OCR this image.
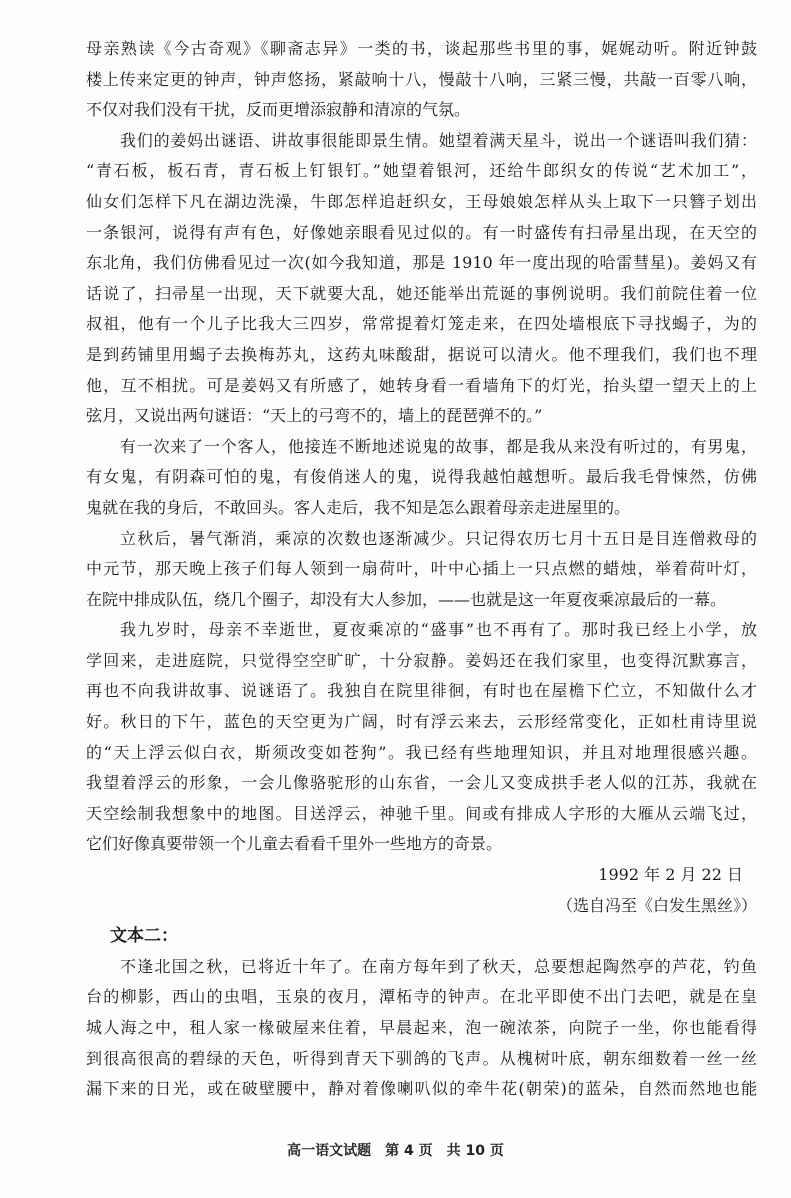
母亲熟读《今古奇观》《聊斋志异》一类的书，谈起那些书里的事，娓娓动听。附近钟鼓
楼上传来定更的钟声，钟声悠扬，紧敲响十八，慢敲十八响，三紧三慢，共敲一百零八响，
不仅对我们没有干扰，反而更增添寂静和清凉的气氛。
我们的姜妈出谜语、讲故事很能即景生情。她望着满天星斗，说出一个谜语叫我们猜：
“青石板，板石青，青石板上钉银钉。”她望着银河，还给牛郎织女的传说“艺术加工”，
仙女们怎样下凡在湖边洗澡，牛郎怎样追赶织女，王母娘娘怎样从头上取下一只簪子划出
一条银河，说得有声有色，好像她亲眼看见过似的。有一时盛传有扫帚星出现，在天空的
东北角，我们仿佛看见过一次(如今我知道，那是 1910 年一度出现的哈雷彗星)。姜妈又有
话说了，扫帚星一出现，天下就要大乱，她还能举出荒诞的事例说明。我们前院住着一位
叔祖，他有一个儿子比我大三四岁，常常提着灯笼走来，在四处墙根底下寻找蝎子，为的
是到药铺里用蝎子去换梅苏丸，这药丸味酸甜，据说可以清火。他不理我们，我们也不理
他，互不相扰。可是姜妈又有所感了，她转身看一看墙角下的灯光，抬头望一望天上的上
弦月，又说出两句谜语：“天上的弓弯不的，墙上的琵琶弹不的。”
有一次来了一个客人，他接连不断地述说鬼的故事，都是我从来没有听过的，有男鬼，
有女鬼，有阴森可怕的鬼，有俊俏迷人的鬼，说得我越怕越想听。最后我毛骨悚然，仿佛
鬼就在我的身后，不敢回头。客人走后，我不知是怎么跟着母亲走进屋里的。
立秋后，暑气渐消，乘凉的次数也逐渐减少。只记得农历七月十五日是目连僧救母的
中元节，那天晚上孩子们每人领到一扇荷叶，叶中心插上一只点燃的蜡烛，举着荷叶灯，
在院中排成队伍，绕几个圈子，却没有大人参加，——也就是这一年夏夜乘凉最后的一幕。
我九岁时，母亲不幸逝世，夏夜乘凉的“盛事”也不再有了。那时我已经上小学，放
学回来，走进庭院，只觉得空空旷旷，十分寂静。姜妈还在我们家里，也变得沉默寡言，
再也不向我讲故事、说谜语了。我独自在院里徘徊，有时也在屋檐下伫立，不知做什么才
好。秋日的下午，蓝色的天空更为广阔，时有浮云来去，云形经常变化，正如杜甫诗里说
的“天上浮云似白衣，斯须改变如苍狗”。我已经有些地理知识，并且对地理很感兴趣。
我望着浮云的形象，一会儿像骆驼形的山东省，一会儿又变成拱手老人似的江苏，我就在
天空绘制我想象中的地图。目送浮云，神驰千里。间或有排成人字形的大雁从云端飞过，
它们好像真要带领一个儿童去看看千里外一些地方的奇景。
1992 年 2 月 22 日
（选自冯至《白发生黑丝》）
文本二：
不逢北国之秋，已将近十年了。在南方每年到了秋天，总要想起陶然亭的芦花，钓鱼
台的柳影，西山的虫唱，玉泉的夜月，潭柘寺的钟声。在北平即使不出门去吧，就是在皇
城人海之中，租人家一椽破屋来住着，早晨起来，泡一碗浓茶，向院子一坐，你也能看得
到很高很高的碧绿的天色，听得到青天下驯鸽的飞声。从槐树叶底，朝东细数着一丝一丝
漏下来的日光，或在破壁腰中，静对着像喇叭似的牵牛花(朝荣)的蓝朵，自然而然地也能
高一语文试题　第 4 页　共 10 页
